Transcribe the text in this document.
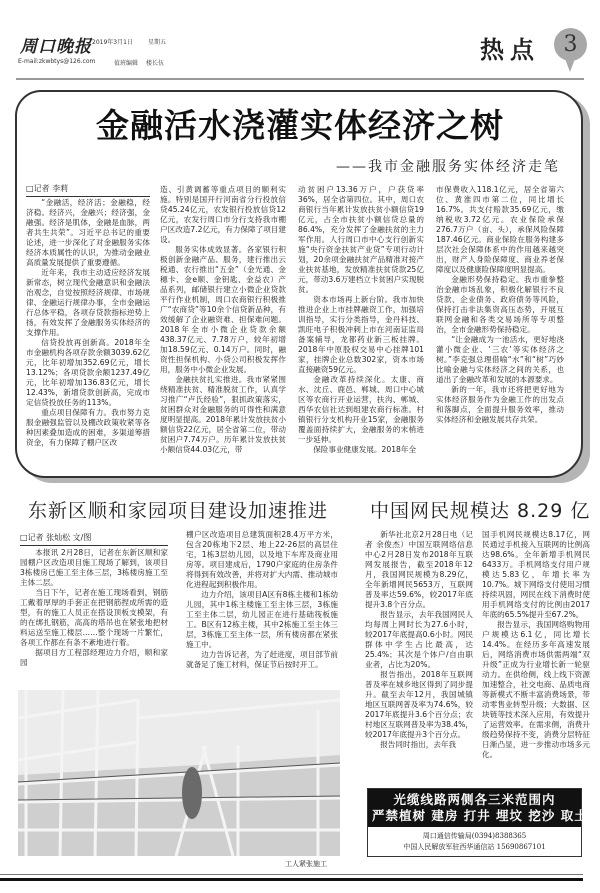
周口晚报 2019年3月1日	星期五
E-mail:zkwbtys@126.com	值班编辑 楼长伍	热点	3
金融活水浇灌实体经济之树
——我市金融服务实体经济走笔
□记者 李莉

“金融活，经济活；金融稳，经济稳。经济兴，金融兴；经济强，金融强。经济是肌体，金融是血脉，两者共生共荣”。习近平总书记的重要论述，进一步深化了对金融服务实体经济本质属性的认识，为推动金融业高质量发展提供了重要遵循。

近年来，我市主动适应经济发展新常态，树立现代金融意识和金融法治观念，自觉按照经济规律、市场规律、金融运行规律办事，全市金融运行总体平稳，各项存贷款指标逆势上扬，有效发挥了金融服务实体经济的支撑作用。

信贷投放再创新高。2018年全市金融机构各项存款余额3039.62亿元，比年初增加352.69亿元，增长13.12%；各项贷款余额1237.49亿元，比年初增加136.83亿元，增长12.43%，新增贷款创新高，完成市定信贷投放任务的113%。

重点项目保障有力。我市努力克服金融强监管以及棚改政策收紧等各种因素叠加造成的困难，多渠道筹措资金，有力保障了棚户区改

造、引黄调蓄等重点项目的顺利实施。特别是国开行河南省分行投放信贷45.24亿元，农发银行投放信贷12亿元，农发行周口市分行支持我市棚户区改造7.2亿元，有力保障了项目建设。

服务实体成效显著。各家银行积极创新金融产品、服务，建行推出云税通、农行推出“五金”（金光通、金穗卡、金e顺、金钥匙、金益农）产品系列，邮储银行建立小微企业贷款平行作业机制，周口农商银行积极推广“农商贷”等10余个信贷新品种，有效缓解了企业融资难、担保难问题。2018年全市小微企业贷款余额438.37亿元、7.78万户，较年初增加18.59亿元、0.14万户。同时，融资性担保机构、小贷公司积极发挥作用，服务中小微企业发展。

金融扶贫扎实推进。我市紧紧围绕精准扶贫、精准脱贫工作，认真学习推广“卢氏经验”，狠抓政策落实，贫困群众对金融服务的可得性和满意度明显提高。2018年累计发放扶贫小额信贷22亿元，居全省第二位，带动贫困户7.74万户。历年累计发放扶贫小额信贷44.03亿元，带

动贫困户13.36万户，户获贷率36%，居全省第四位。其中，周口农商银行当年累计发放扶贫小额信贷19亿元，占全市扶贫小额信贷总量的86.4%，充分发挥了金融扶贫的主力军作用。人行周口市中心支行创新实施“央行资金扶贫产业贷”专项行动计划，20余项金融扶贫产品精准对接产业扶贫基地，发放精准扶贫贷款25亿元，带动3.6万建档立卡贫困户实现脱贫。

资本市场再上新台阶。我市加快推进企业上市挂牌融资工作，加强培训指导，实行分类指导，金丹科技、凯旺电子积极冲刺上市在河南证监局备案辅导，龙都药业新三板挂牌。2018年中原股权交易中心挂牌101家，挂牌企业总数302家，资本市场直接融资59亿元。

金融改革持续深化。太康、商水、沈丘、鹿邑、郸城、周口中心城区等农商行开业运营，扶沟、郸城、西华农信社达到组建农商行标准。村镇银行分支机构开业15家，金融服务覆盖面持续扩大，金融服务的末梢进一步延伸。

保险事业健康发展。2018年全

市保费收入118.1亿元，居全省第六位、黄淮四市第二位，同比增长16.7%。共支付赔款35.69亿元，缴纳税收3.72亿元。农业保险承保276.7万户（亩、头），承保风险保障187.46亿元。商业保险在服务构建多层次社会保障体系中的作用越来越突出，财产人身险保障度、商业养老保障度以及健康险保障度明显提高。

金融形势保持稳定。我市重拳整治金融市场乱象，积极化解银行不良贷款、企业债务、政府债务等风险，保持打击非法集资高压态势，开展互联网金融和各类交易场所等专项整治，全市金融形势保持稳定。

“让金融成为一池活水，更好地浇灌小微企业、‘三农’等实体经济之树。”李克强总理借喻“水”和“树”巧妙比喻金融与实体经济之间的关系，也道出了金融改革和发展的本源要求。

新的一年，我市还将把更好地为实体经济服务作为金融工作的出发点和落脚点，全面提升服务效率，推动实体经济和金融发展共存共荣。

东新区顺和家园项目建设加速推进
□记者 张灿松 文/图

本报讯 2月28日，记者在东新区顺和家园棚户区改造项目施工现场了解到，该项目3栋楼房已施工至主体三层，3栋楼房施工至主体二层。

当日下午，记者在施工现场看到，钢筋工戴着厚厚的手套正在把钢筋捏成所需的造型，有的施工人员正在搭设顶板支模架，有的在绑扎钢筋，高高的塔吊也在紧张地把材料运送至施工楼层……整个现场一片繁忙，各项工作都在有条不紊地进行着。

据项目方工程部经理边力介绍，顺和家园

棚户区改造项目总建筑面积28.4万平方米，包含20栋地下2层、地上22-26层的高层住宅，1栋3层幼儿园，以及地下车库及商业用房等。项目建成后，1790户家庭的住房条件将得到有效改善，并将对扩大内需、推动城市化进程起到积极作用。

边力介绍，该项目A区有8栋主楼和1栋幼儿园，其中1栋主楼施工至主体三层，3栋施工至主体二层，幼儿园正在进行基础筏板施工。B区有12栋主楼，其中2栋施工至主体三层，3栋施工至主体一层，所有楼房都在紧张施工中。

边力告诉记者，为了赶进度，项目部节前就备足了施工材料，保证节后按时开工。

工人紧张施工
中国网民规模达 8.29 亿

新华社北京2月28日电（记者 余俊杰）中国互联网络信息中心2月28日发布2018年互联网发展报告，截至2018年12月，我国网民规模为8.29亿，全年新增网民5653万，互联网普及率达59.6%，较2017年底提升3.8个百分点。

报告显示，去年我国网民人均每周上网时长为27.6小时，较2017年底提高0.6小时。网民群体中学生占比最高，达25.4%；其次是个体户/自由职业者，占比为20%。

报告指出，2018年互联网普及率在城乡地区得到了同步提升。截至去年12月，我国城镇地区互联网普及率为74.6%，较2017年底提升3.6个百分点；农村地区互联网普及率为38.4%，较2017年底提升3个百分点。

报告同时指出，去年我

国手机网民规模达8.17亿，网民通过手机接入互联网的比例高达98.6%。全年新增手机网民6433万。手机网络支付用户规模达5.83亿，年增长率为10.7%。城下网络支付使用习惯持续巩固，网民在线下消费时使用手机网络支付的比例由2017年底的65.5%提升至67.2%。

报告显示，我国网络购物用户规模达6.1亿，同比增长14.4%。在经历多年高速发展后，网络消费市场供需两端“双升级”正成为行业增长新一轮驱动力。在供给侧，线上线下资源加速整合，社交电商、品质电商等新模式不断丰富消费场景，带动零售业转型升级；大数据、区块链等技术深入应用，有效提升了运营效率。在需求侧，消费升级趋势保持不变，消费分层特征日渐凸显，进一步推动市场多元化。

光缆线路两侧各三米范围内
严禁植树 建房 打井 埋坟 挖沙 取土
周口通信传输局(0394)8388365
中国人民解放军驻西华通信站 15690867101
